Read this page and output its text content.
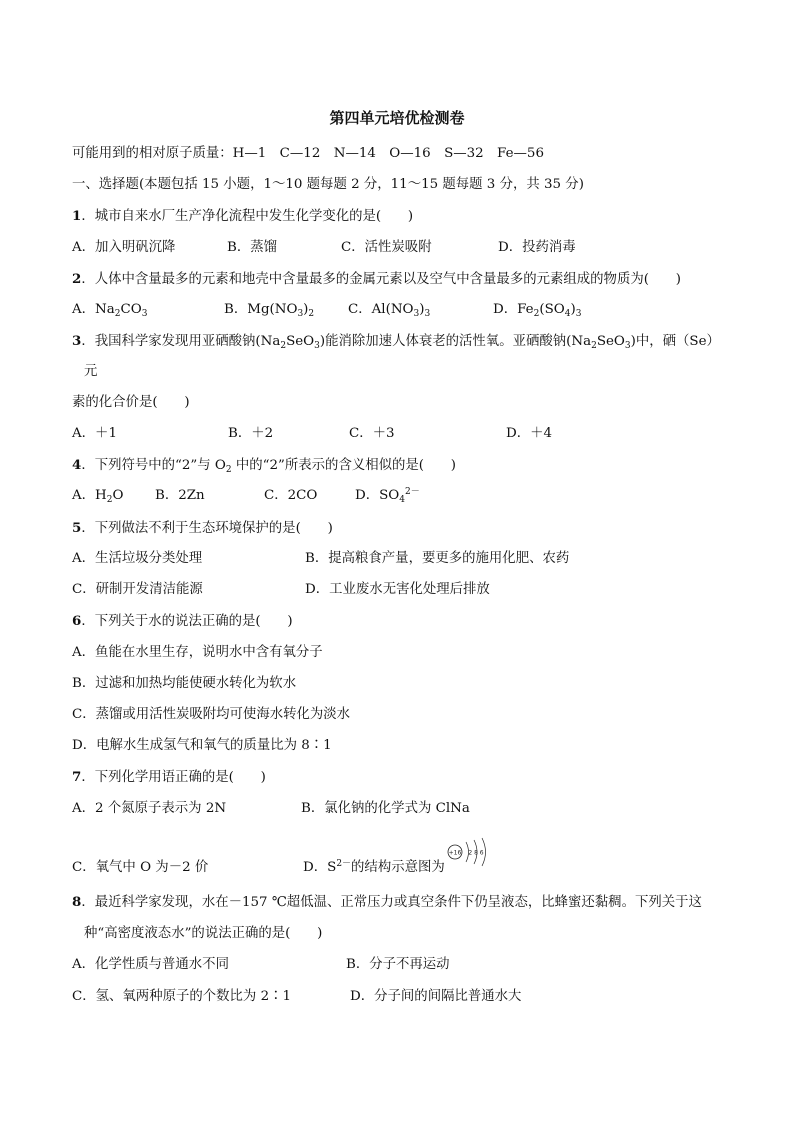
第四单元培优检测卷
可能用到的相对原子质量：H—1　C—12　N—14　O—16　S—32　Fe—56
一、选择题(本题包括 15 小题，1～10 题每题 2 分，11～15 题每题 3 分，共 35 分)
1．城市自来水厂生产净化流程中发生化学变化的是(　　)
A．加入明矾沉降	B．蒸馏	C．活性炭吸附	D．投药消毒
2．人体中含量最多的元素和地壳中含量最多的金属元素以及空气中含量最多的元素组成的物质为(　　)
A．$Na_2CO_3$	B．$Mg(NO_3)_2$	C．$Al(NO_3)_3$	D．$Fe_2(SO_4)_3$
3．我国科学家发现用亚硒酸钠$(Na_2SeO_3)$能消除加速人体衰老的活性氧。亚硒酸钠$(Na_2SeO_3)$中，硒（Se）
元
素的化合价是(　　)
A．＋1	B．＋2	C．＋3	D．＋4
4．下列符号中的“2”与 $O_2$ 中的“2”所表示的含义相似的是(　　)
A．$H_2O$ B．2Zn	C．2CO	D．$SO_4^{2-}$
5．下列做法不利于生态环境保护的是(　　)
A．生活垃圾分类处理	B．提高粮食产量，要更多的施用化肥、农药
C．研制开发清洁能源	D．工业废水无害化处理后排放
6．下列关于水的说法正确的是(　　)
A．鱼能在水里生存，说明水中含有氧分子
B．过滤和加热均能使硬水转化为软水
C．蒸馏或用活性炭吸附均可使海水转化为淡水
D．电解水生成氢气和氧气的质量比为 8∶1
7．下列化学用语正确的是(　　)
A．2 个氮原子表示为 2N	B．氯化钠的化学式为 ClNa
C．氧气中 O 为－2 价	D．$S^{2-}$的结构示意图为
+16 2 8 6
8．最近科学家发现，水在－157 ℃超低温、正常压力或真空条件下仍呈液态，比蜂蜜还黏稠。下列关于这
种“高密度液态水”的说法正确的是(　　)
A．化学性质与普通水不同	B．分子不再运动
C．氢、氧两种原子的个数比为 2∶1	D．分子间的间隔比普通水大
